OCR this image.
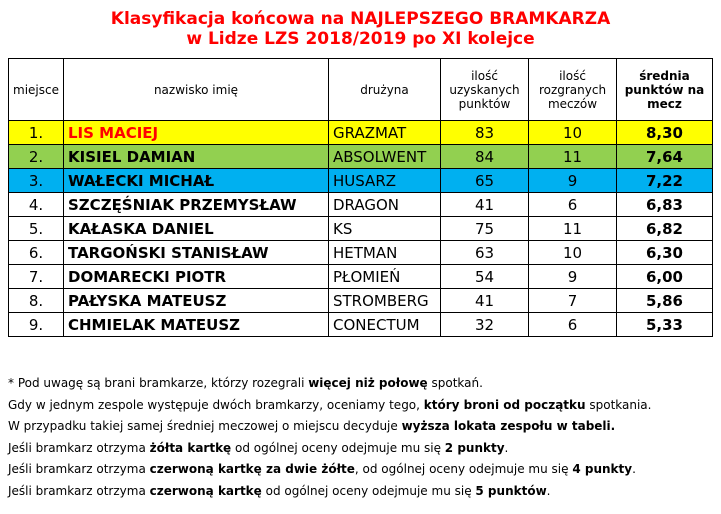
Klasyfikacja końcowa na NAJLEPSZEGO BRAMKARZA
w Lidze LZS 2018/2019 po XI kolejce
miejsce	nazwisko imię	drużyna	ilość
uzyskanych
punktów	ilość
rozgranych
meczów	średnia
punktów na
mecz
1.	LIS MACIEJ	GRAZMAT	83	10	8,30
2.	KISIEL DAMIAN	ABSOLWENT	84	11	7,64
3.	WAŁECKI MICHAŁ	HUSARZ	65	9	7,22
4.	SZCZĘŚNIAK PRZEMYSŁAW	DRAGON	41	6	6,83
5.	KAŁASKA DANIEL	KS	75	11	6,82
6.	TARGOŃSKI STANISŁAW	HETMAN	63	10	6,30
7.	DOMARECKI PIOTR	PŁOMIEŃ	54	9	6,00
8.	PAŁYSKA MATEUSZ	STROMBERG	41	7	5,86
9.	CHMIELAK MATEUSZ	CONECTUM	32	6	5,33
* Pod uwagę są brani bramkarze, którzy rozegrali więcej niż połowę spotkań.
Gdy w jednym zespole występuje dwóch bramkarzy, oceniamy tego, który broni od początku spotkania.
W przypadku takiej samej średniej meczowej o miejscu decyduje wyższa lokata zespołu w tabeli.
Jeśli bramkarz otrzyma żółta kartkę od ogólnej oceny odejmuje mu się 2 punkty.
Jeśli bramkarz otrzyma czerwoną kartkę za dwie żółte, od ogólnej oceny odejmuje mu się 4 punkty.
Jeśli bramkarz otrzyma czerwoną kartkę od ogólnej oceny odejmuje mu się 5 punktów.
